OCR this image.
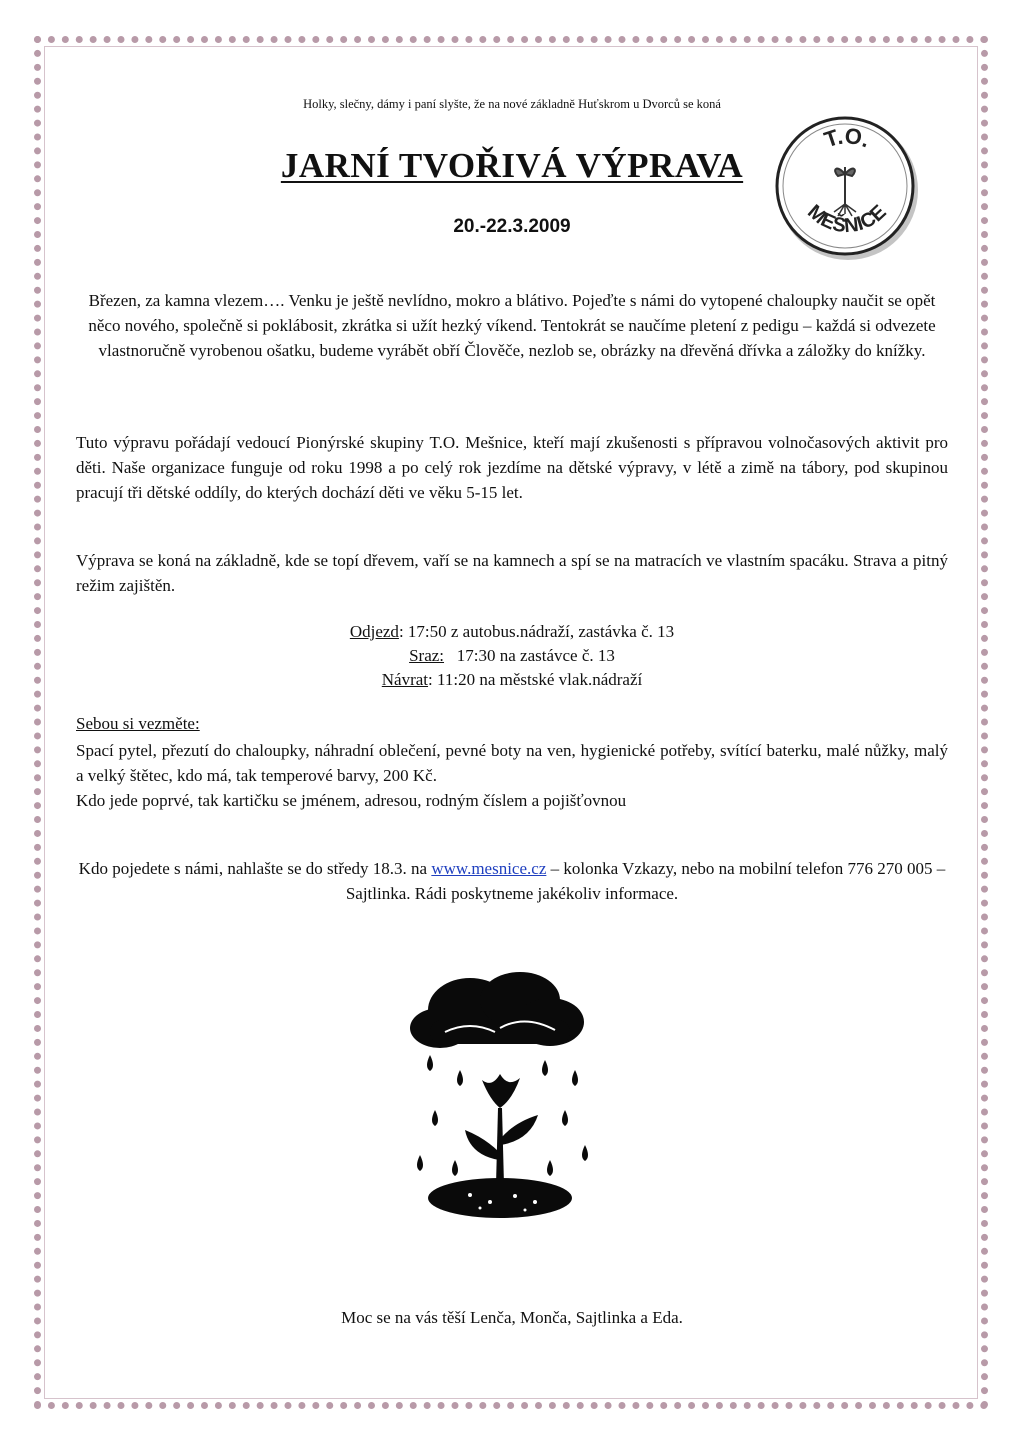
Holky, slečny, dámy i paní slyšte, že na nové základně Huťskrom u Dvorců se koná
JARNÍ TVOŘIVÁ VÝPRAVA
20.-22.3.2009
T.O.
MEŠNICE

Březen, za kamna vlezem…. Venku je ještě nevlídno, mokro a blátivo. Pojeďte s námi do vytopené chaloupky naučit se opět něco nového, společně si poklábosit, zkrátka si užít hezký víkend. Tentokrát se naučíme pletení z pedigu – každá si odvezete vlastnoručně vyrobenou ošatku, budeme vyrábět obří Člověče, nezlob se, obrázky na dřevěná dřívka a záložky do knížky.

Tuto výpravu pořádají vedoucí Pionýrské skupiny T.O. Mešnice, kteří mají zkušenosti s přípravou volnočasových aktivit pro děti. Naše organizace funguje od roku 1998 a po celý rok jezdíme na dětské výpravy, v létě a zimě na tábory, pod skupinou pracují tři dětské oddíly, do kterých dochází děti ve věku 5-15 let.

Výprava se koná na základně, kde se topí dřevem, vaří se na kamnech a spí se na matracích ve vlastním spacáku. Strava a pitný režim zajištěn.

Odjezd: 17:50 z autobus.nádraží, zastávka č. 13
Sraz:   17:30 na zastávce č. 13
Návrat: 11:20 na městské vlak.nádraží
Sebou si vezměte:

Spací pytel, přezutí do chaloupky, náhradní oblečení, pevné boty na ven, hygienické potřeby, svítící baterku, malé nůžky, malý a velký štětec, kdo má, tak temperové barvy, 200 Kč.

Kdo jede poprvé, tak kartičku se jménem, adresou, rodným číslem a pojišťovnou

Kdo pojedete s námi, nahlašte se do středy 18.3. na www.mesnice.cz – kolonka Vzkazy, nebo na mobilní telefon 776 270 005 – Sajtlinka. Rádi poskytneme jakékoliv informace.

Moc se na vás těší Lenča, Monča, Sajtlinka a Eda.
